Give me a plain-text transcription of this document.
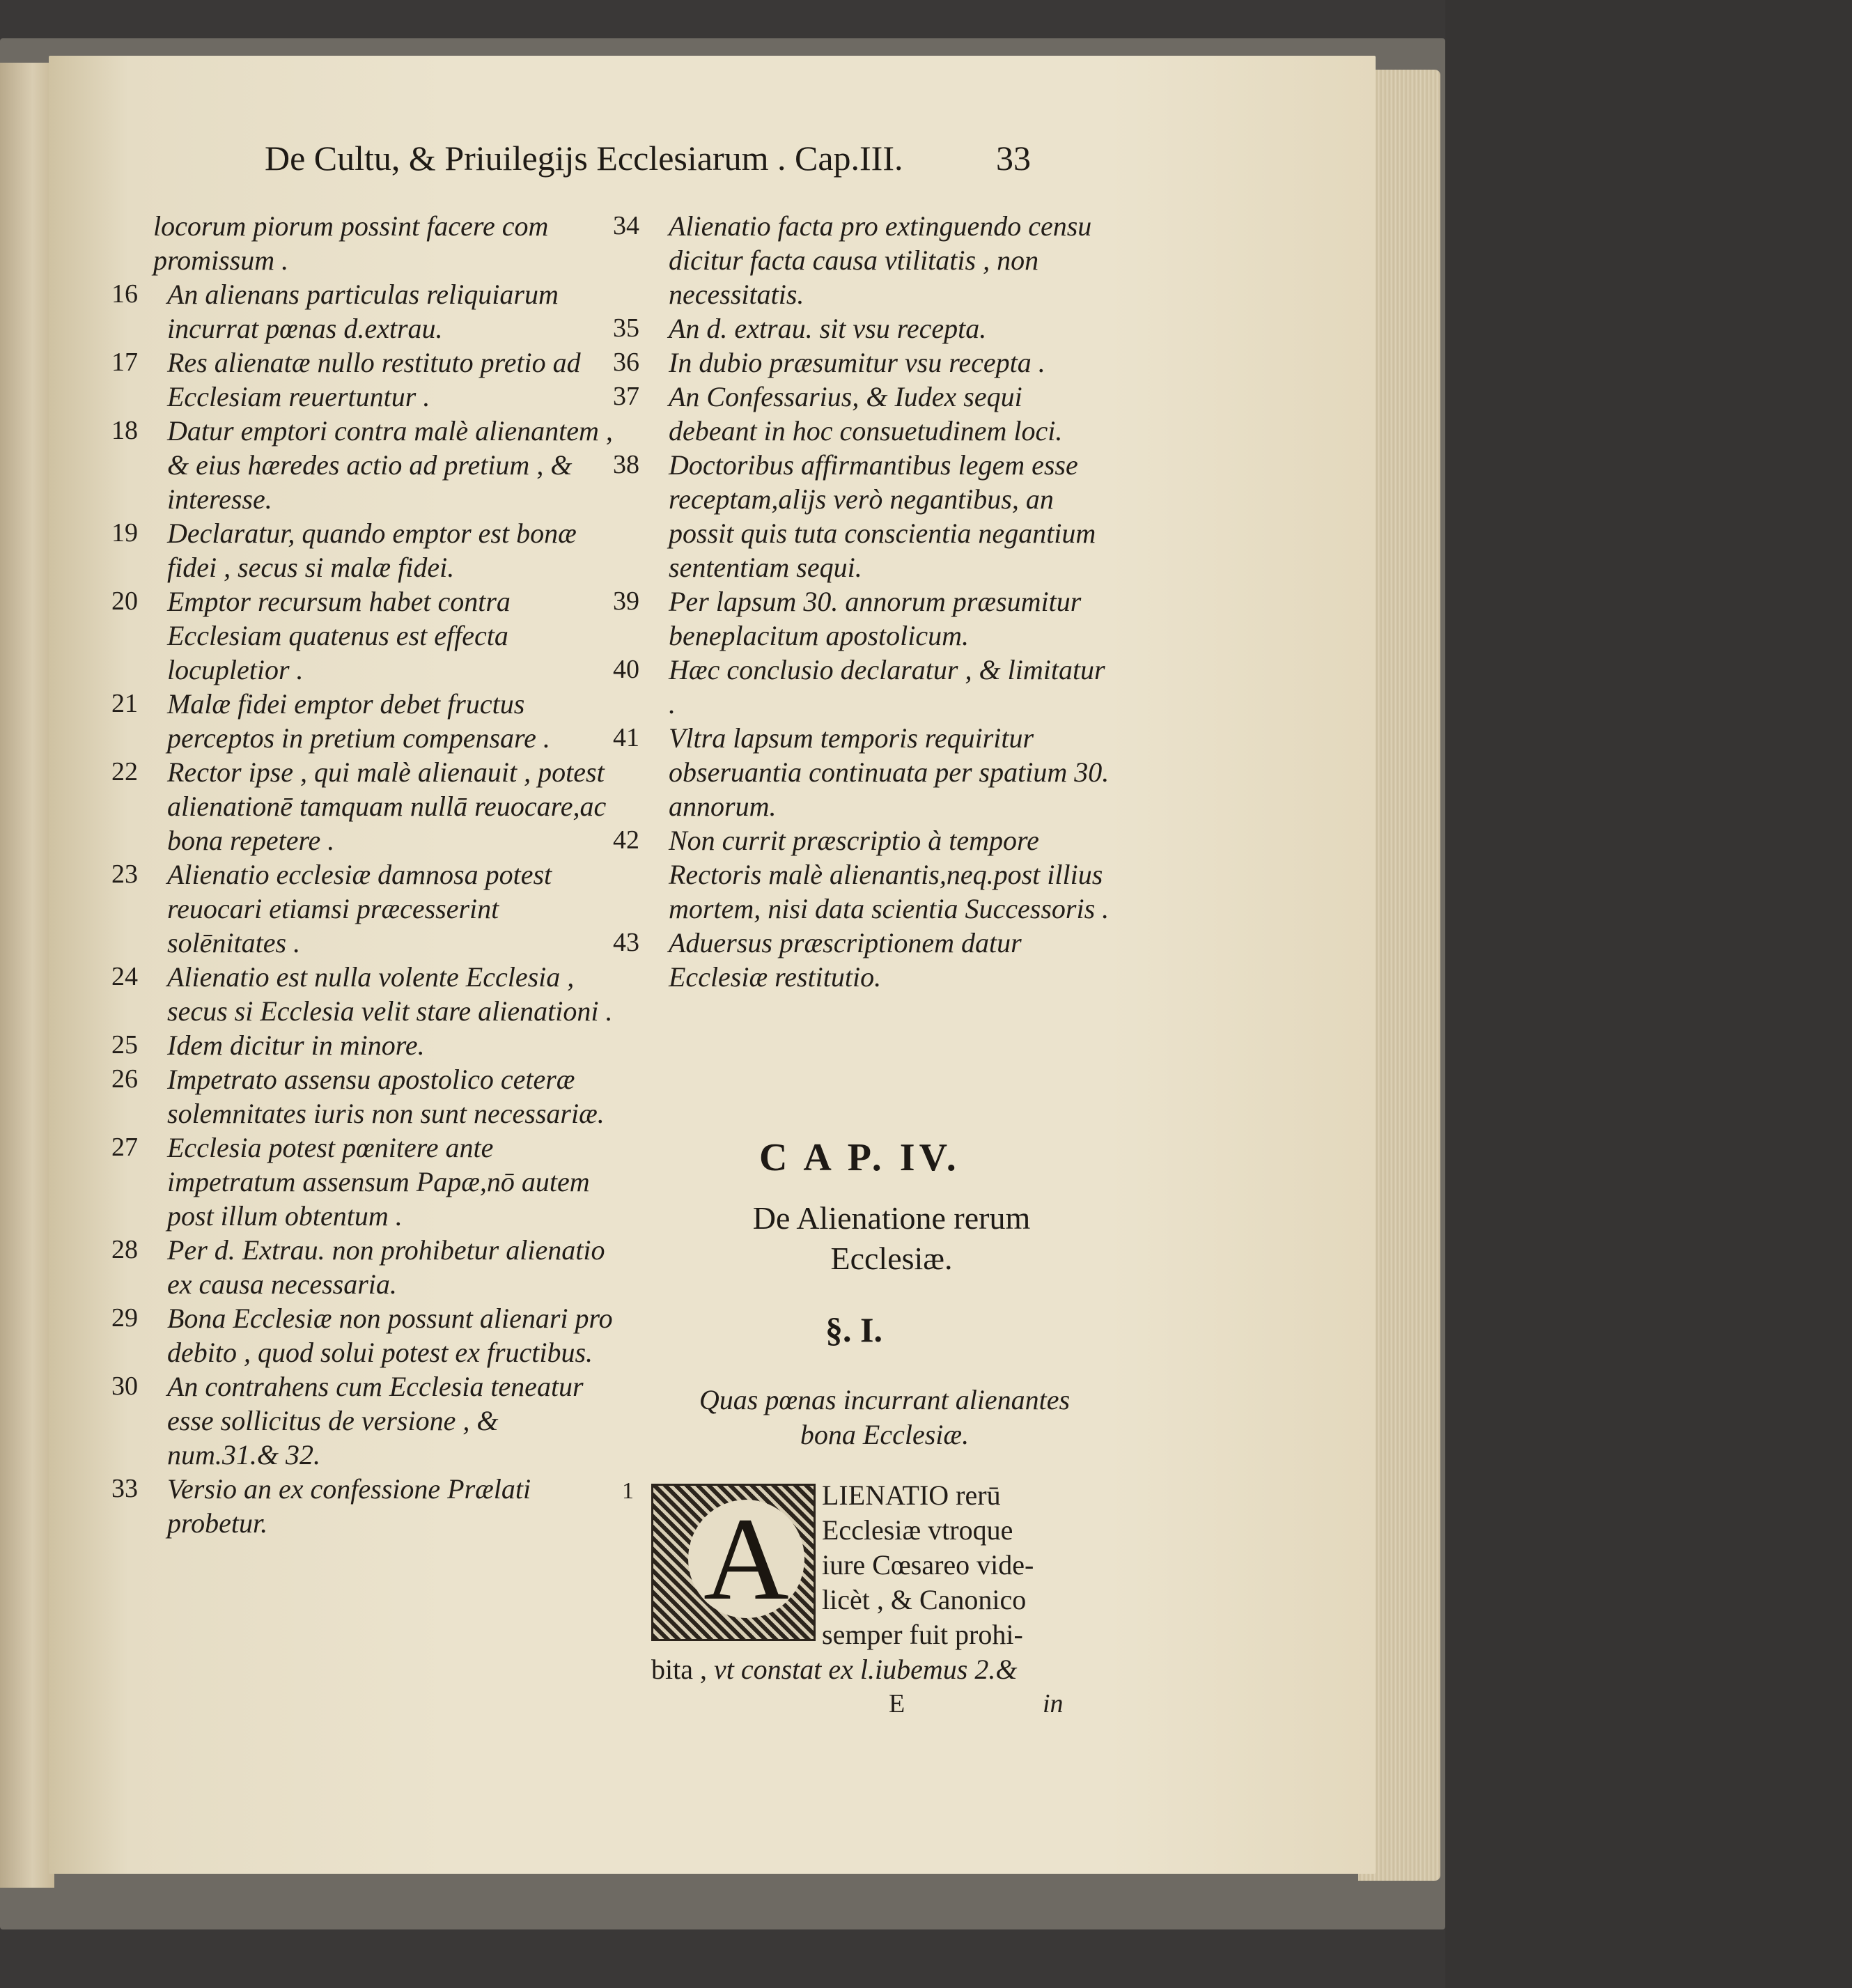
De Cultu, & Priuilegijs Ecclesiarum . Cap.III.	33
locorum piorum possint facere com promissum .
16	An alienans particulas reliquiarum incurrat pœnas d.extrau.
17	Res alienatæ nullo restituto pretio ad Ecclesiam reuertuntur .
18	Datur emptori contra malè alienantem , & eius hæredes actio ad pretium , & interesse.
19	Declaratur, quando emptor est bonæ fidei , secus si malæ fidei.
20	Emptor recursum habet contra Ecclesiam quatenus est effecta locupletior .
21	Malæ fidei emptor debet fructus perceptos in pretium compensare .
22	Rector ipse , qui malè alienauit , potest alienationē tamquam nullā reuocare,ac bona repetere .
23	Alienatio ecclesiæ damnosa potest reuocari etiamsi præcesserint solēnitates .
24	Alienatio est nulla volente Ecclesia , secus si Ecclesia velit stare alienationi .
25	Idem dicitur in minore.
26	Impetrato assensu apostolico ceteræ solemnitates iuris non sunt necessariæ.
27	Ecclesia potest pœnitere ante impetratum assensum Papæ,nō autem post illum obtentum .
28	Per d. Extrau. non prohibetur alienatio ex causa necessaria.
29	Bona Ecclesiæ non possunt alienari pro debito , quod solui potest ex fructibus.
30	An contrahens cum Ecclesia teneatur esse sollicitus de versione , & num.31.& 32.
33	Versio an ex confessione Prælati probetur.
34	Alienatio facta pro extinguendo censu dicitur facta causa vtilitatis , non necessitatis.
35	An d. extrau. sit vsu recepta.
36	In dubio præsumitur vsu recepta .
37	An Confessarius, & Iudex sequi debeant in hoc consuetudinem loci.
38	Doctoribus affirmantibus legem esse receptam,alijs verò negantibus, an possit quis tuta conscientia negantium sententiam sequi.
39	Per lapsum 30. annorum præsumitur beneplacitum apostolicum.
40	Hæc conclusio declaratur , & limitatur .
41	Vltra lapsum temporis requiritur obseruantia continuata per spatium 30. annorum.
42	Non currit præscriptio à tempore Rectoris malè alienantis,neq.post illius mortem, nisi data scientia Successoris .
43	Aduersus præscriptionem datur Ecclesiæ restitutio.
C A P. IV.
De Alienatione rerum
Ecclesiæ.
§. I.
Quas pœnas incurrant alienantes
bona Ecclesiæ.
1
A	LIENATIO rerū
Ecclesiæ vtroque
iure Cœsareo vide-
licèt , & Canonico
semper fuit prohi-
bita , vt constat ex l.iubemus 2.&
E	in
